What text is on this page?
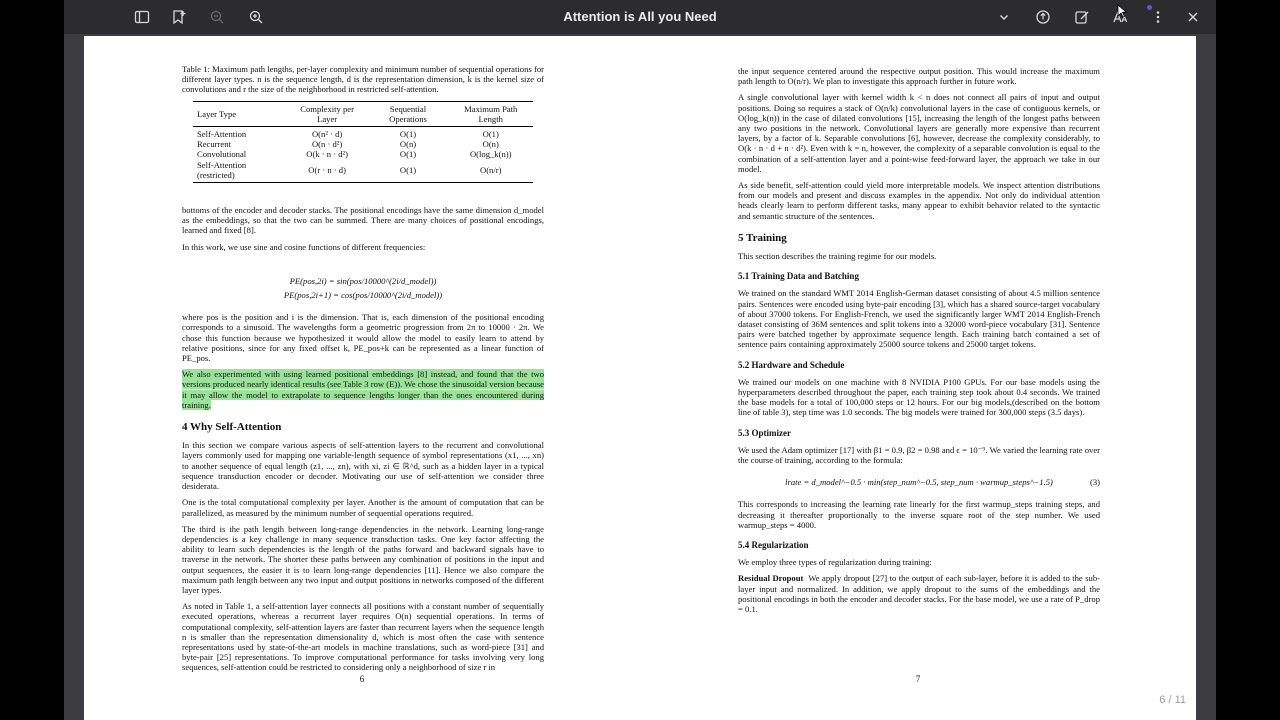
Attention is All you Need

Table 1: Maximum path lengths, per-layer complexity and minimum number of sequential operations for different layer types. n is the sequence length, d is the representation dimension, k is the kernel size of convolutions and r the size of the neighborhood in restricted self-attention.

Layer Type	Complexity per Layer	Sequential Operations	Maximum Path Length
Self-Attention	O(n² · d)	O(1)	O(1)
Recurrent	O(n · d²)	O(n)	O(n)
Convolutional	O(k · n · d²)	O(1)	O(log_k(n))
Self-Attention (restricted)	O(r · n · d)	O(1)	O(n/r)

bottoms of the encoder and decoder stacks. The positional encodings have the same dimension d_model as the embeddings, so that the two can be summed. There are many choices of positional encodings, learned and fixed [8].

In this work, we use sine and cosine functions of different frequencies:

PE(pos,2i) = sin(pos/10000^(2i/d_model))
PE(pos,2i+1) = cos(pos/10000^(2i/d_model))

where pos is the position and i is the dimension. That is, each dimension of the positional encoding corresponds to a sinusoid. The wavelengths form a geometric progression from 2π to 10000 · 2π. We chose this function because we hypothesized it would allow the model to easily learn to attend by relative positions, since for any fixed offset k, PE_pos+k can be represented as a linear function of PE_pos.

We also experimented with using learned positional embeddings [8] instead, and found that the two versions produced nearly identical results (see Table 3 row (E)). We chose the sinusoidal version because it may allow the model to extrapolate to sequence lengths longer than the ones encountered during training.

4 Why Self-Attention

In this section we compare various aspects of self-attention layers to the recurrent and convolutional layers commonly used for mapping one variable-length sequence of symbol representations (x1, ..., xn) to another sequence of equal length (z1, ..., zn), with xi, zi ∈ ℝ^d, such as a hidden layer in a typical sequence transduction encoder or decoder. Motivating our use of self-attention we consider three desiderata.

One is the total computational complexity per layer. Another is the amount of computation that can be parallelized, as measured by the minimum number of sequential operations required.

The third is the path length between long-range dependencies in the network. Learning long-range dependencies is a key challenge in many sequence transduction tasks. One key factor affecting the ability to learn such dependencies is the length of the paths forward and backward signals have to traverse in the network. The shorter these paths between any combination of positions in the input and output sequences, the easier it is to learn long-range dependencies [11]. Hence we also compare the maximum path length between any two input and output positions in networks composed of the different layer types.

As noted in Table 1, a self-attention layer connects all positions with a constant number of sequentially executed operations, whereas a recurrent layer requires O(n) sequential operations. In terms of computational complexity, self-attention layers are faster than recurrent layers when the sequence length n is smaller than the representation dimensionality d, which is most often the case with sentence representations used by state-of-the-art models in machine translations, such as word-piece [31] and byte-pair [25] representations. To improve computational performance for tasks involving very long sequences, self-attention could be restricted to considering only a neighborhood of size r in

6

the input sequence centered around the respective output position. This would increase the maximum path length to O(n/r). We plan to investigate this approach further in future work.

A single convolutional layer with kernel width k < n does not connect all pairs of input and output positions. Doing so requires a stack of O(n/k) convolutional layers in the case of contiguous kernels, or O(log_k(n)) in the case of dilated convolutions [15], increasing the length of the longest paths between any two positions in the network. Convolutional layers are generally more expensive than recurrent layers, by a factor of k. Separable convolutions [6], however, decrease the complexity considerably, to O(k · n · d + n · d²). Even with k = n, however, the complexity of a separable convolution is equal to the combination of a self-attention layer and a point-wise feed-forward layer, the approach we take in our model.

As side benefit, self-attention could yield more interpretable models. We inspect attention distributions from our models and present and discuss examples in the appendix. Not only do individual attention heads clearly learn to perform different tasks, many appear to exhibit behavior related to the syntactic and semantic structure of the sentences.

5 Training

This section describes the training regime for our models.

5.1 Training Data and Batching

We trained on the standard WMT 2014 English-German dataset consisting of about 4.5 million sentence pairs. Sentences were encoded using byte-pair encoding [3], which has a shared source-target vocabulary of about 37000 tokens. For English-French, we used the significantly larger WMT 2014 English-French dataset consisting of 36M sentences and split tokens into a 32000 word-piece vocabulary [31]. Sentence pairs were batched together by approximate sequence length. Each training batch contained a set of sentence pairs containing approximately 25000 source tokens and 25000 target tokens.

5.2 Hardware and Schedule

We trained our models on one machine with 8 NVIDIA P100 GPUs. For our base models using the hyperparameters described throughout the paper, each training step took about 0.4 seconds. We trained the base models for a total of 100,000 steps or 12 hours. For our big models,(described on the bottom line of table 3), step time was 1.0 seconds. The big models were trained for 300,000 steps (3.5 days).

5.3 Optimizer

We used the Adam optimizer [17] with β1 = 0.9, β2 = 0.98 and ϵ = 10⁻⁹. We varied the learning rate over the course of training, according to the formula:

lrate = d_model^−0.5 · min(step_num^−0.5, step_num · warmup_steps^−1.5)	(3)

This corresponds to increasing the learning rate linearly for the first warmup_steps training steps, and decreasing it thereafter proportionally to the inverse square root of the step number. We used warmup_steps = 4000.

5.4 Regularization

We employ three types of regularization during training:

Residual Dropout We apply dropout [27] to the output of each sub-layer, before it is added to the sub-layer input and normalized. In addition, we apply dropout to the sums of the embeddings and the positional encodings in both the encoder and decoder stacks. For the base model, we use a rate of P_drop = 0.1.

7
6 / 11
